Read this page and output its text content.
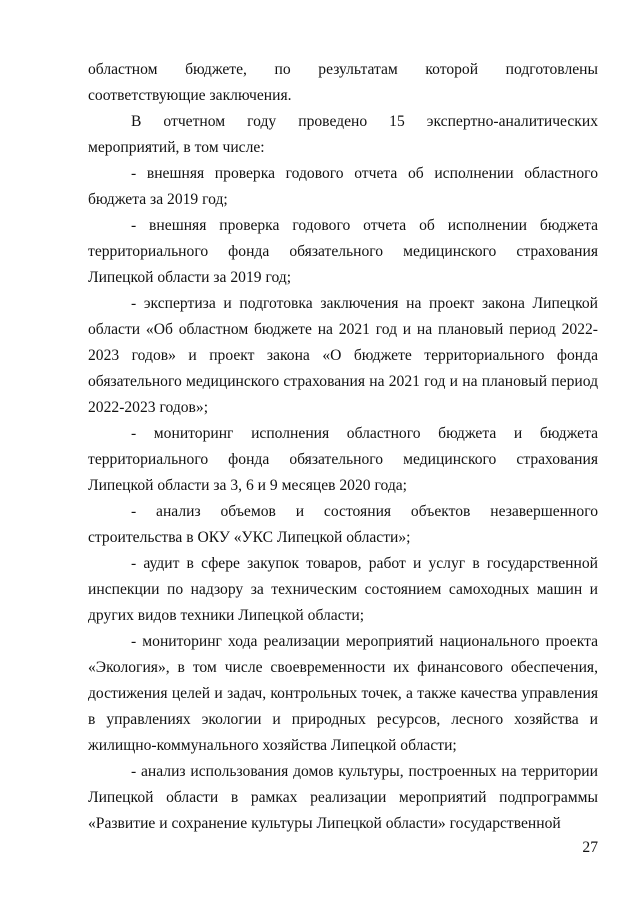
областном бюджете, по результатам которой подготовлены соответствующие заключения.

В отчетном году проведено 15 экспертно-аналитических мероприятий, в том числе:

- внешняя проверка годового отчета об исполнении областного бюджета за 2019 год;

- внешняя проверка годового отчета об исполнении бюджета территориального фонда обязательного медицинского страхования Липецкой области за 2019 год;

- экспертиза и подготовка заключения на проект закона Липецкой области «Об областном бюджете на 2021 год и на плановый период 2022-2023 годов» и проект закона «О бюджете территориального фонда обязательного медицинского страхования на 2021 год и на плановый период 2022-2023 годов»;

- мониторинг исполнения областного бюджета и бюджета территориального фонда обязательного медицинского страхования Липецкой области за 3, 6 и 9 месяцев 2020 года;

- анализ объемов и состояния объектов незавершенного строительства в ОКУ «УКС Липецкой области»;

- аудит в сфере закупок товаров, работ и услуг в государственной инспекции по надзору за техническим состоянием самоходных машин и других видов техники Липецкой области;

- мониторинг хода реализации мероприятий национального проекта «Экология», в том числе своевременности их финансового обеспечения, достижения целей и задач, контрольных точек, а также качества управления в управлениях экологии и природных ресурсов, лесного хозяйства и жилищно-коммунального хозяйства Липецкой области;

- анализ использования домов культуры, построенных на территории Липецкой области в рамках реализации мероприятий подпрограммы «Развитие и сохранение культуры Липецкой области» государственной

27
